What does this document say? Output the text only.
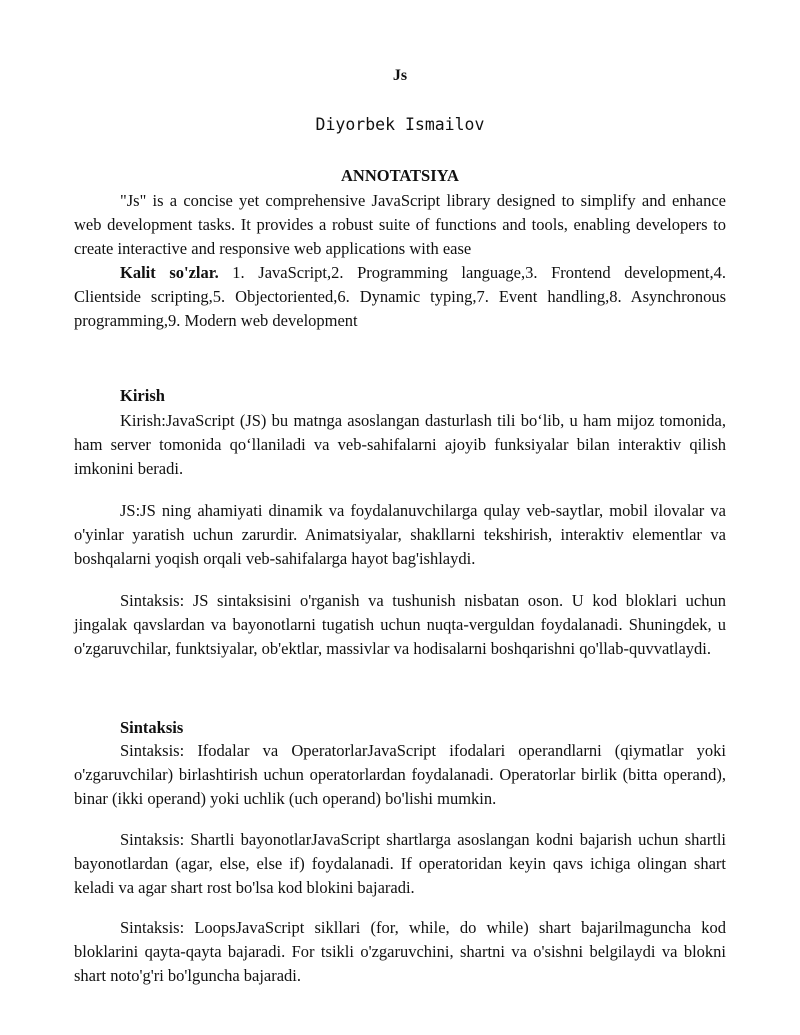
Js
Diyorbek Ismailov
ANNOTATSIYA

"Js" is a concise yet comprehensive JavaScript library designed to simplify and enhance web development tasks. It provides a robust suite of functions and tools, enabling developers to create interactive and responsive web applications with ease

Kalit so'zlar. 1. JavaScript,2. Programming language,3. Frontend development,4. Clientside scripting,5. Objectoriented,6. Dynamic typing,7. Event handling,8. Asynchronous programming,9. Modern web development

Kirish

Kirish:JavaScript (JS) bu matnga asoslangan dasturlash tili bo‘lib, u ham mijoz tomonida, ham server tomonida qo‘llaniladi va veb-sahifalarni ajoyib funksiyalar bilan interaktiv qilish imkonini beradi.

JS:JS ning ahamiyati dinamik va foydalanuvchilarga qulay veb-saytlar, mobil ilovalar va o'yinlar yaratish uchun zarurdir. Animatsiyalar, shakllarni tekshirish, interaktiv elementlar va boshqalarni yoqish orqali veb-sahifalarga hayot bag'ishlaydi.

Sintaksis: JS sintaksisini o'rganish va tushunish nisbatan oson. U kod bloklari uchun jingalak qavslardan va bayonotlarni tugatish uchun nuqta-verguldan foydalanadi. Shuningdek, u o'zgaruvchilar, funktsiyalar, ob'ektlar, massivlar va hodisalarni boshqarishni qo'llab-quvvatlaydi.

Sintaksis

Sintaksis: Ifodalar va OperatorlarJavaScript ifodalari operandlarni (qiymatlar yoki o'zgaruvchilar) birlashtirish uchun operatorlardan foydalanadi. Operatorlar birlik (bitta operand), binar (ikki operand) yoki uchlik (uch operand) bo'lishi mumkin.

Sintaksis: Shartli bayonotlarJavaScript shartlarga asoslangan kodni bajarish uchun shartli bayonotlardan (agar, else, else if) foydalanadi. If operatoridan keyin qavs ichiga olingan shart keladi va agar shart rost bo'lsa kod blokini bajaradi.

Sintaksis: LoopsJavaScript sikllari (for, while, do while) shart bajarilmaguncha kod bloklarini qayta-qayta bajaradi. For tsikli o'zgaruvchini, shartni va o'sishni belgilaydi va blokni shart noto'g'ri bo'lguncha bajaradi.
